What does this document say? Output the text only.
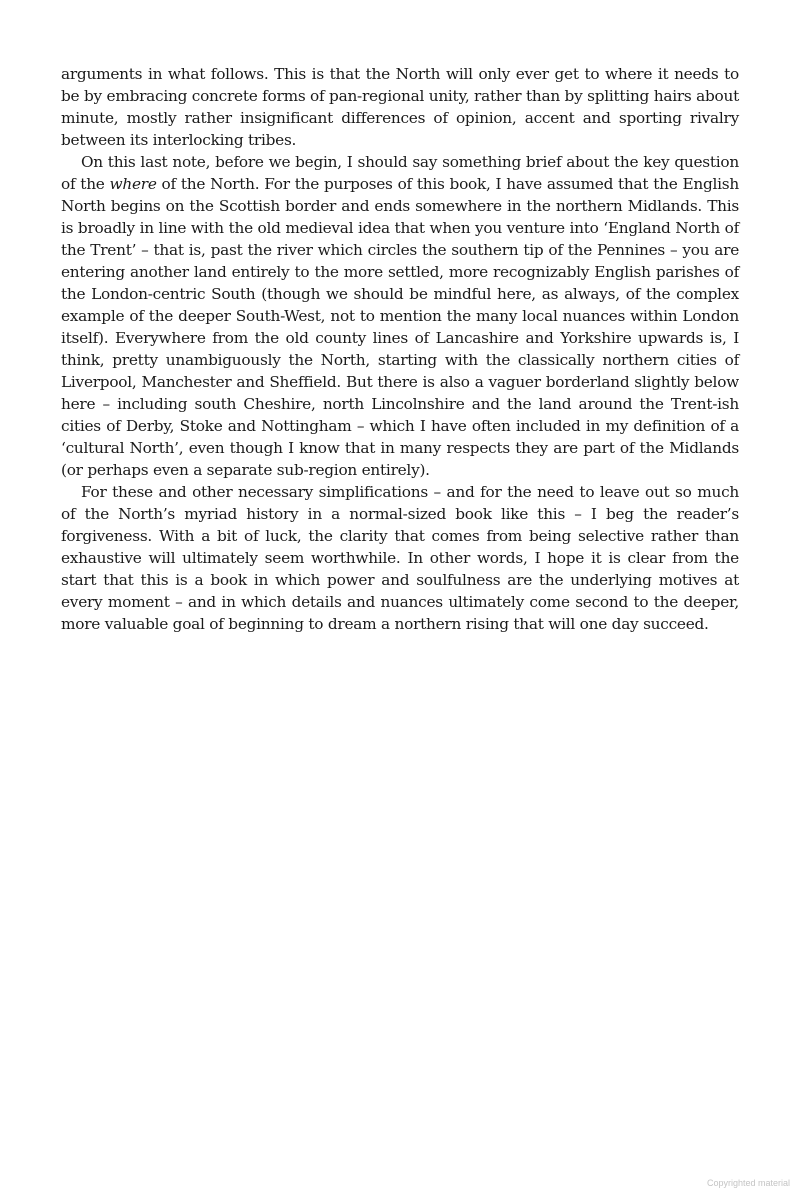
arguments in what follows. This is that the North will only ever get to where it needs to be by embracing concrete forms of pan-regional unity, rather than by splitting hairs about minute, mostly rather insignificant differences of opinion, accent and sporting rivalry between its interlocking tribes.

On this last note, before we begin, I should say something brief about the key question of the where of the North. For the purposes of this book, I have assumed that the English North begins on the Scottish border and ends somewhere in the northern Midlands. This is broadly in line with the old medieval idea that when you venture into ‘England North of the Trent’ – that is, past the river which circles the southern tip of the Pennines – you are entering another land entirely to the more settled, more recognizably English parishes of the London-centric South (though we should be mindful here, as always, of the complex example of the deeper South-West, not to mention the many local nuances within London itself). Everywhere from the old county lines of Lancashire and Yorkshire upwards is, I think, pretty unambiguously the North, starting with the classically northern cities of Liverpool, Manchester and Sheffield. But there is also a vaguer borderland slightly below here – including south Cheshire, north Lincolnshire and the land around the Trent-ish cities of Derby, Stoke and Nottingham – which I have often included in my definition of a ‘cultural North’, even though I know that in many respects they are part of the Midlands (or perhaps even a separate sub-region entirely).

For these and other necessary simplifications – and for the need to leave out so much of the North’s myriad history in a normal-sized book like this – I beg the reader’s forgiveness. With a bit of luck, the clarity that comes from being selective rather than exhaustive will ultimately seem worthwhile. In other words, I hope it is clear from the start that this is a book in which power and soulfulness are the underlying motives at every moment – and in which details and nuances ultimately come second to the deeper, more valuable goal of beginning to dream a northern rising that will one day succeed.

Copyrighted material
